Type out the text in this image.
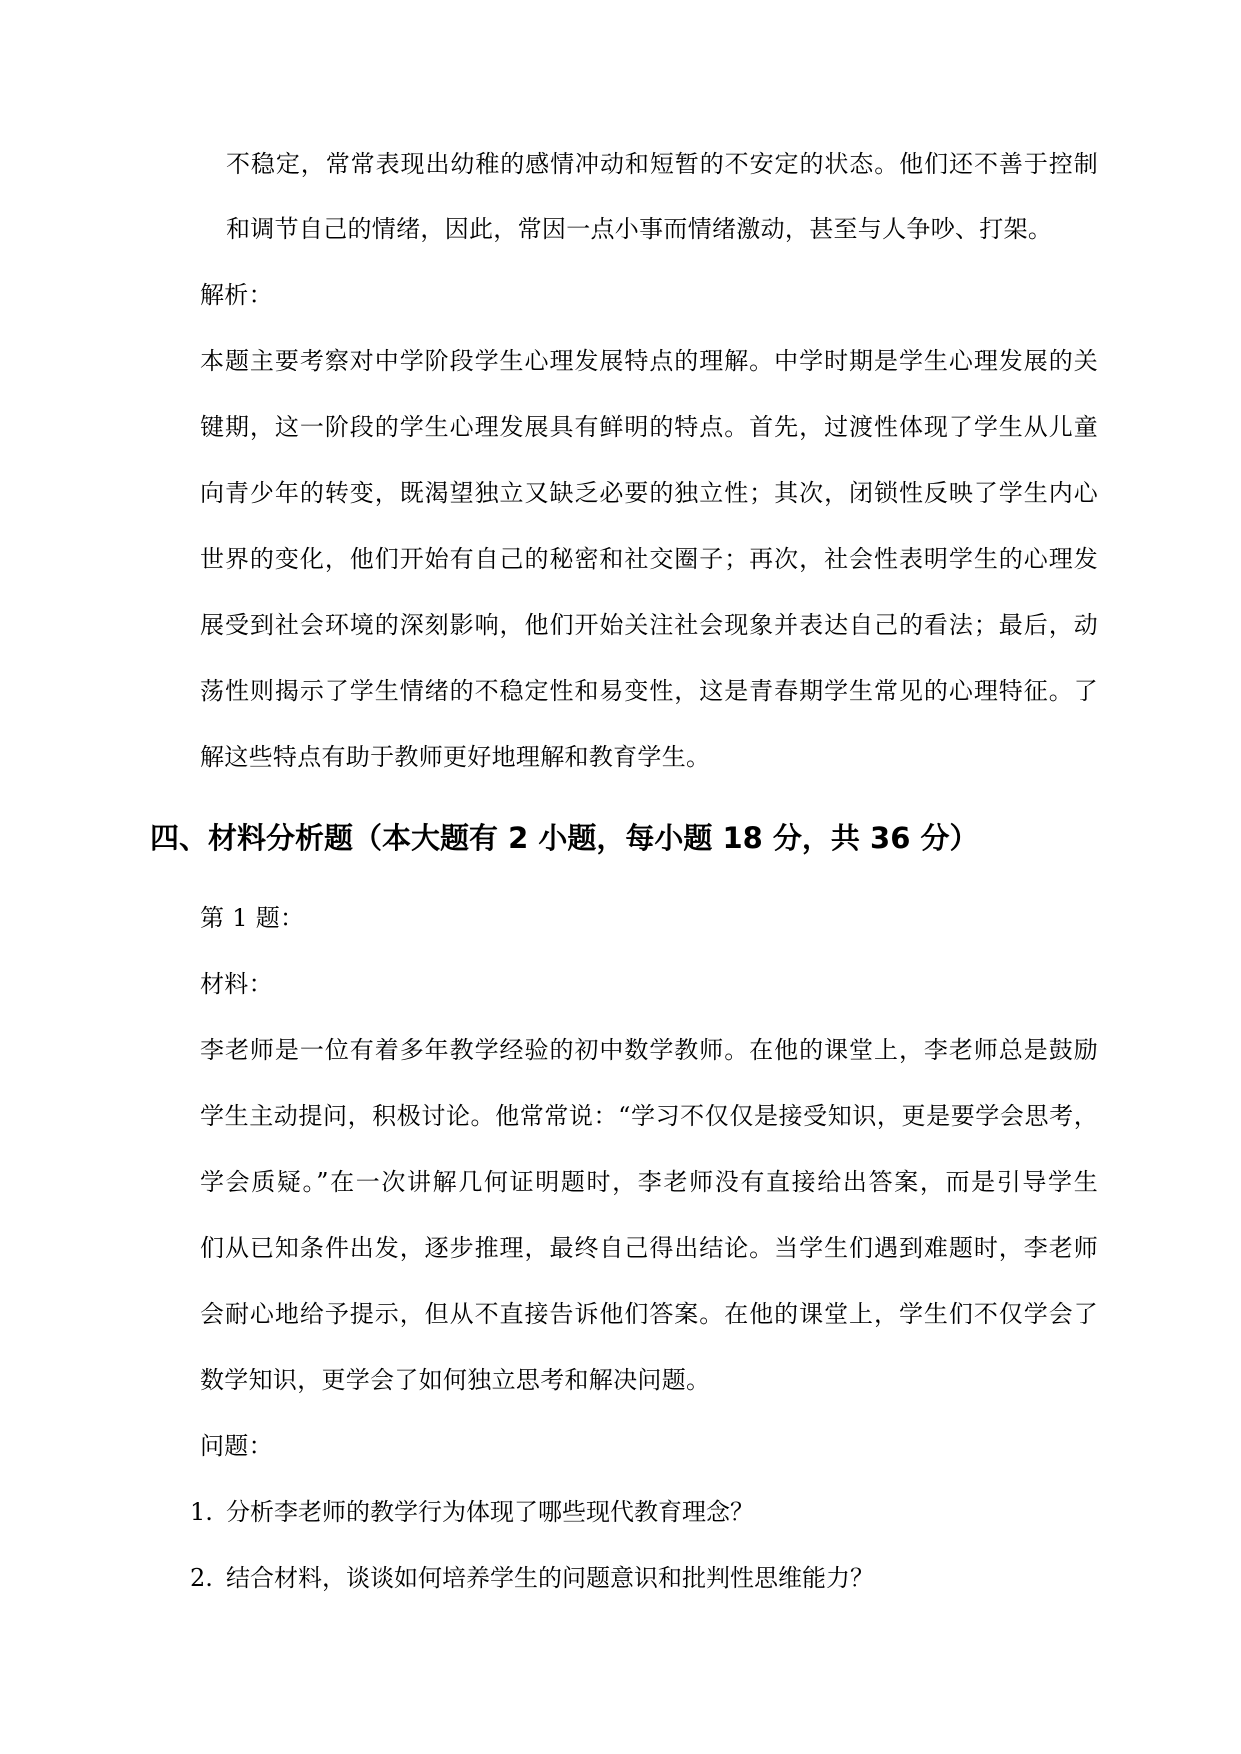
不稳定，常常表现出幼稚的感情冲动和短暂的不安定的状态。他们还不善于控制
和调节自己的情绪，因此，常因一点小事而情绪激动，甚至与人争吵、打架。
解析：
本题主要考察对中学阶段学生心理发展特点的理解。中学时期是学生心理发展的关
键期，这一阶段的学生心理发展具有鲜明的特点。首先，过渡性体现了学生从儿童
向青少年的转变，既渴望独立又缺乏必要的独立性；其次，闭锁性反映了学生内心
世界的变化，他们开始有自己的秘密和社交圈子；再次，社会性表明学生的心理发
展受到社会环境的深刻影响，他们开始关注社会现象并表达自己的看法；最后，动
荡性则揭示了学生情绪的不稳定性和易变性，这是青春期学生常见的心理特征。了
解这些特点有助于教师更好地理解和教育学生。
四、材料分析题（本大题有 2 小题，每小题 18 分，共 36 分）
第 1 题：
材料：
李老师是一位有着多年教学经验的初中数学教师。在他的课堂上，李老师总是鼓励
学生主动提问，积极讨论。他常常说：“学习不仅仅是接受知识，更是要学会思考，
学会质疑。”在一次讲解几何证明题时，李老师没有直接给出答案，而是引导学生
们从已知条件出发，逐步推理，最终自己得出结论。当学生们遇到难题时，李老师
会耐心地给予提示，但从不直接告诉他们答案。在他的课堂上，学生们不仅学会了
数学知识，更学会了如何独立思考和解决问题。
问题：
1. 分析李老师的教学行为体现了哪些现代教育理念？
2. 结合材料，谈谈如何培养学生的问题意识和批判性思维能力？
